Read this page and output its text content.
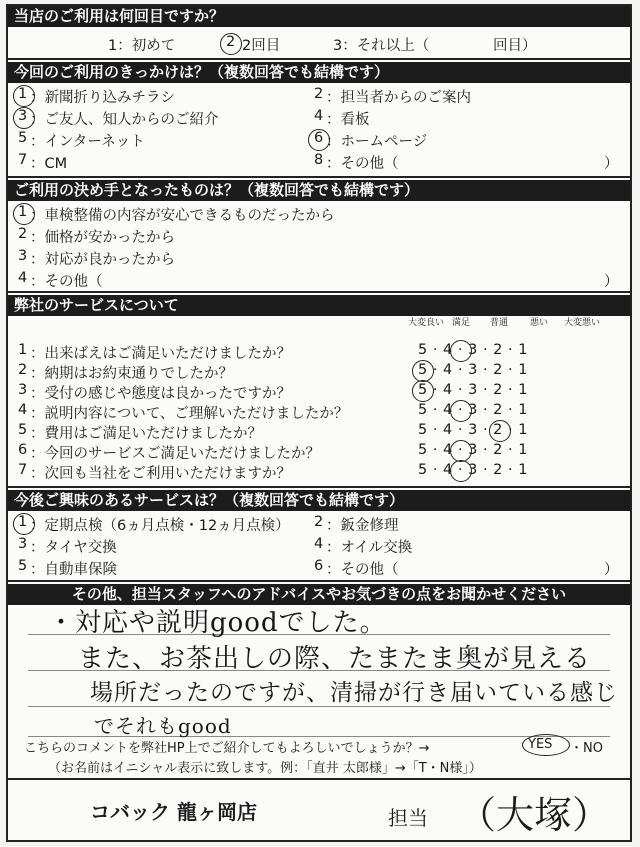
当店のご利用は何回目ですか？
1：初めて	2 2回目	3：それ以上（	回目）
今回のご利用のきっかけは？（複数回答でも結構です）
1 ：新聞折り込みチラシ	2 ：担当者からのご案内
3 ：ご友人、知人からのご紹介	4 ：看板
5 ：インターネット	6 ：ホームページ
7 ：CM	8 ：その他（	）
ご利用の決め手となったものは？（複数回答でも結構です）
1 ：車検整備の内容が安心できるものだったから
2 ：価格が安かったから
3 ：対応が良かったから
4 ：その他（	）
弊社のサービスについて
大変良い 満足	普通	悪い	大変悪い
1 ：出来ばえはご満足いただけましたか？	5 · 4 · 3 · 2 · 1
2 ：納期はお約束通りでしたか？	5 · 4 · 3 · 2 · 1
3 ：受付の感じや態度は良かったですか？	5 · 4 · 3 · 2 · 1
4 ：説明内容について、ご理解いただけましたか？	5 · 4 · 3 · 2 · 1
5 ：費用はご満足いただけましたか？	5 · 4 · 3 · 2 · 1
6 ：今回のサービスご満足いただけましたか？	5 · 4 · 3 · 2 · 1
7 ：次回も当社をご利用いただけますか？	5 · 4 · 3 · 2 · 1
今後ご興味のあるサービスは？（複数回答でも結構です）
1 ：定期点検（6ヵ月点検・12ヵ月点検） 2 ：鈑金修理
3 ：タイヤ交換	4 ：オイル交換
5 ：自動車保険	6 ：その他（	）
その他、担当スタッフへのアドバイスやお気づきの点をお聞かせください
・対応や説明goodでした。
また、お茶出しの際、たまたま奥が見える
場所だったのですが、清掃が行き届いている感じ
でそれもgood
こちらのコメントを弊社HP上でご紹介してもよろしいでしょうか？→	YES ・NO
（お名前はイニシャル表示に致します。例：「直井 太郎様」→「T・N様」）
コバック 龍ヶ岡店	担当 （大塚）
